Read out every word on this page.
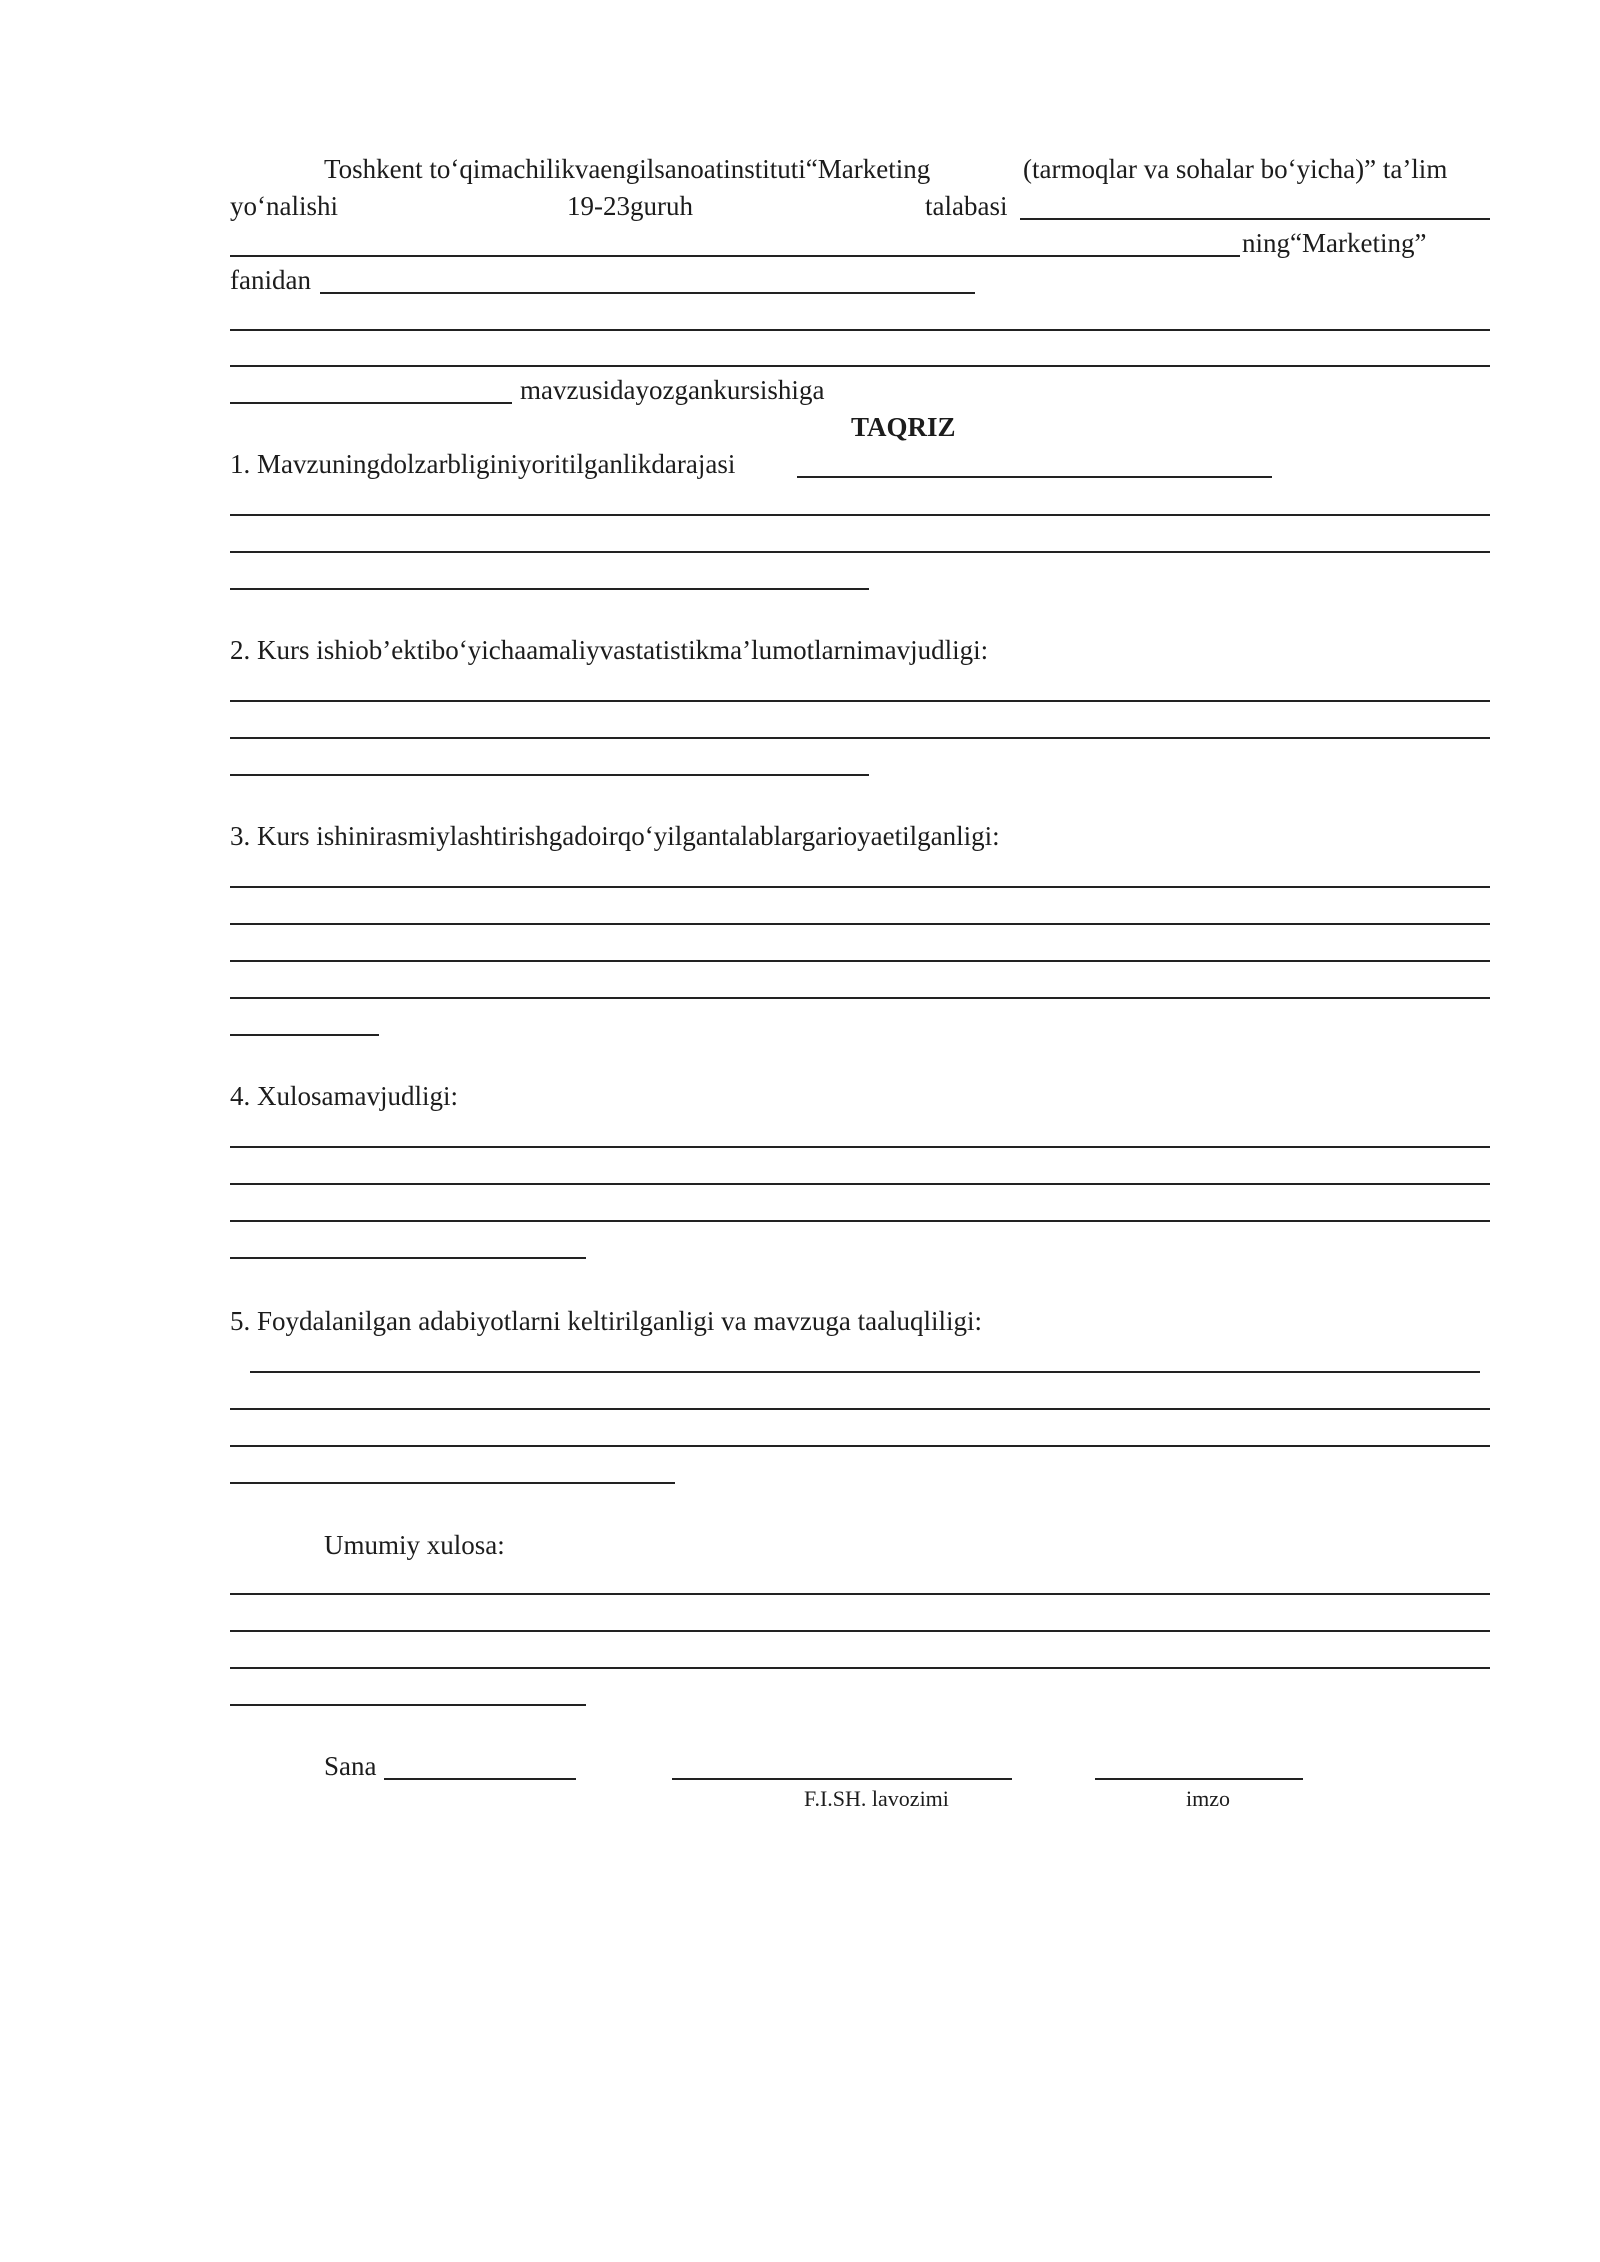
Toshkent to‘qimachilikvaengilsanoatinstituti“Marketing	(tarmoqlar va sohalar bo‘yicha)” ta’lim
yo‘nalishi	19-23guruh	talabasi
ning“Marketing”
fanidan
mavzusidayozgankursishiga
TAQRIZ
1. Mavzuningdolzarbliginiyoritilganlikdarajasi
2. Kurs ishiob’ektibo‘yichaamaliyvastatistikma’lumotlarnimavjudligi:
3. Kurs ishinirasmiylashtirishgadoirqo‘yilgantalablargarioyaetilganligi:
4. Xulosamavjudligi:
5. Foydalanilgan adabiyotlarni keltirilganligi va mavzuga taaluqliligi:
Umumiy xulosa:
Sana
F.I.SH. lavozimi	imzo
